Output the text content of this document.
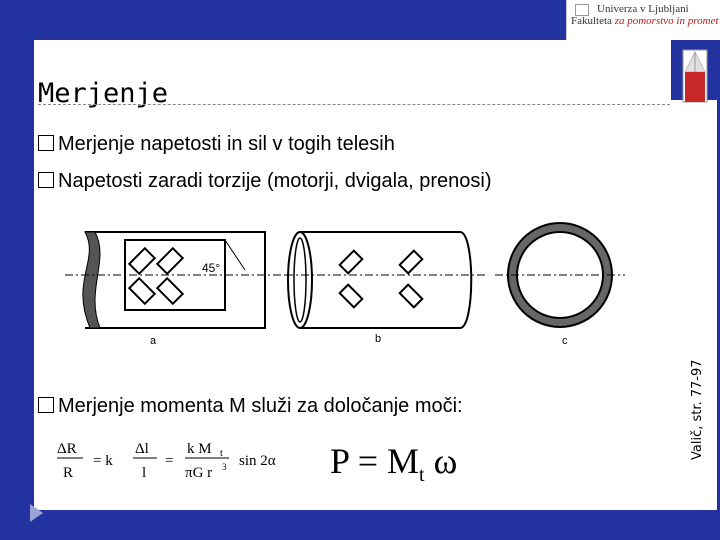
Univerza v Ljubljani
Fakulteta za pomorstvo in promet
Merjenje
Merjenje napetosti in sil v togih telesih
Napetosti zaradi torzije (motorji, dvigala, prenosi)
45°
a	b	c
Merjenje momenta M služi za določanje moči:
ΔR
R
= k
Δl
l
=
k M t
πG r 3 sin 2α $P = M_t$ ω
Valič, str. 77-97
